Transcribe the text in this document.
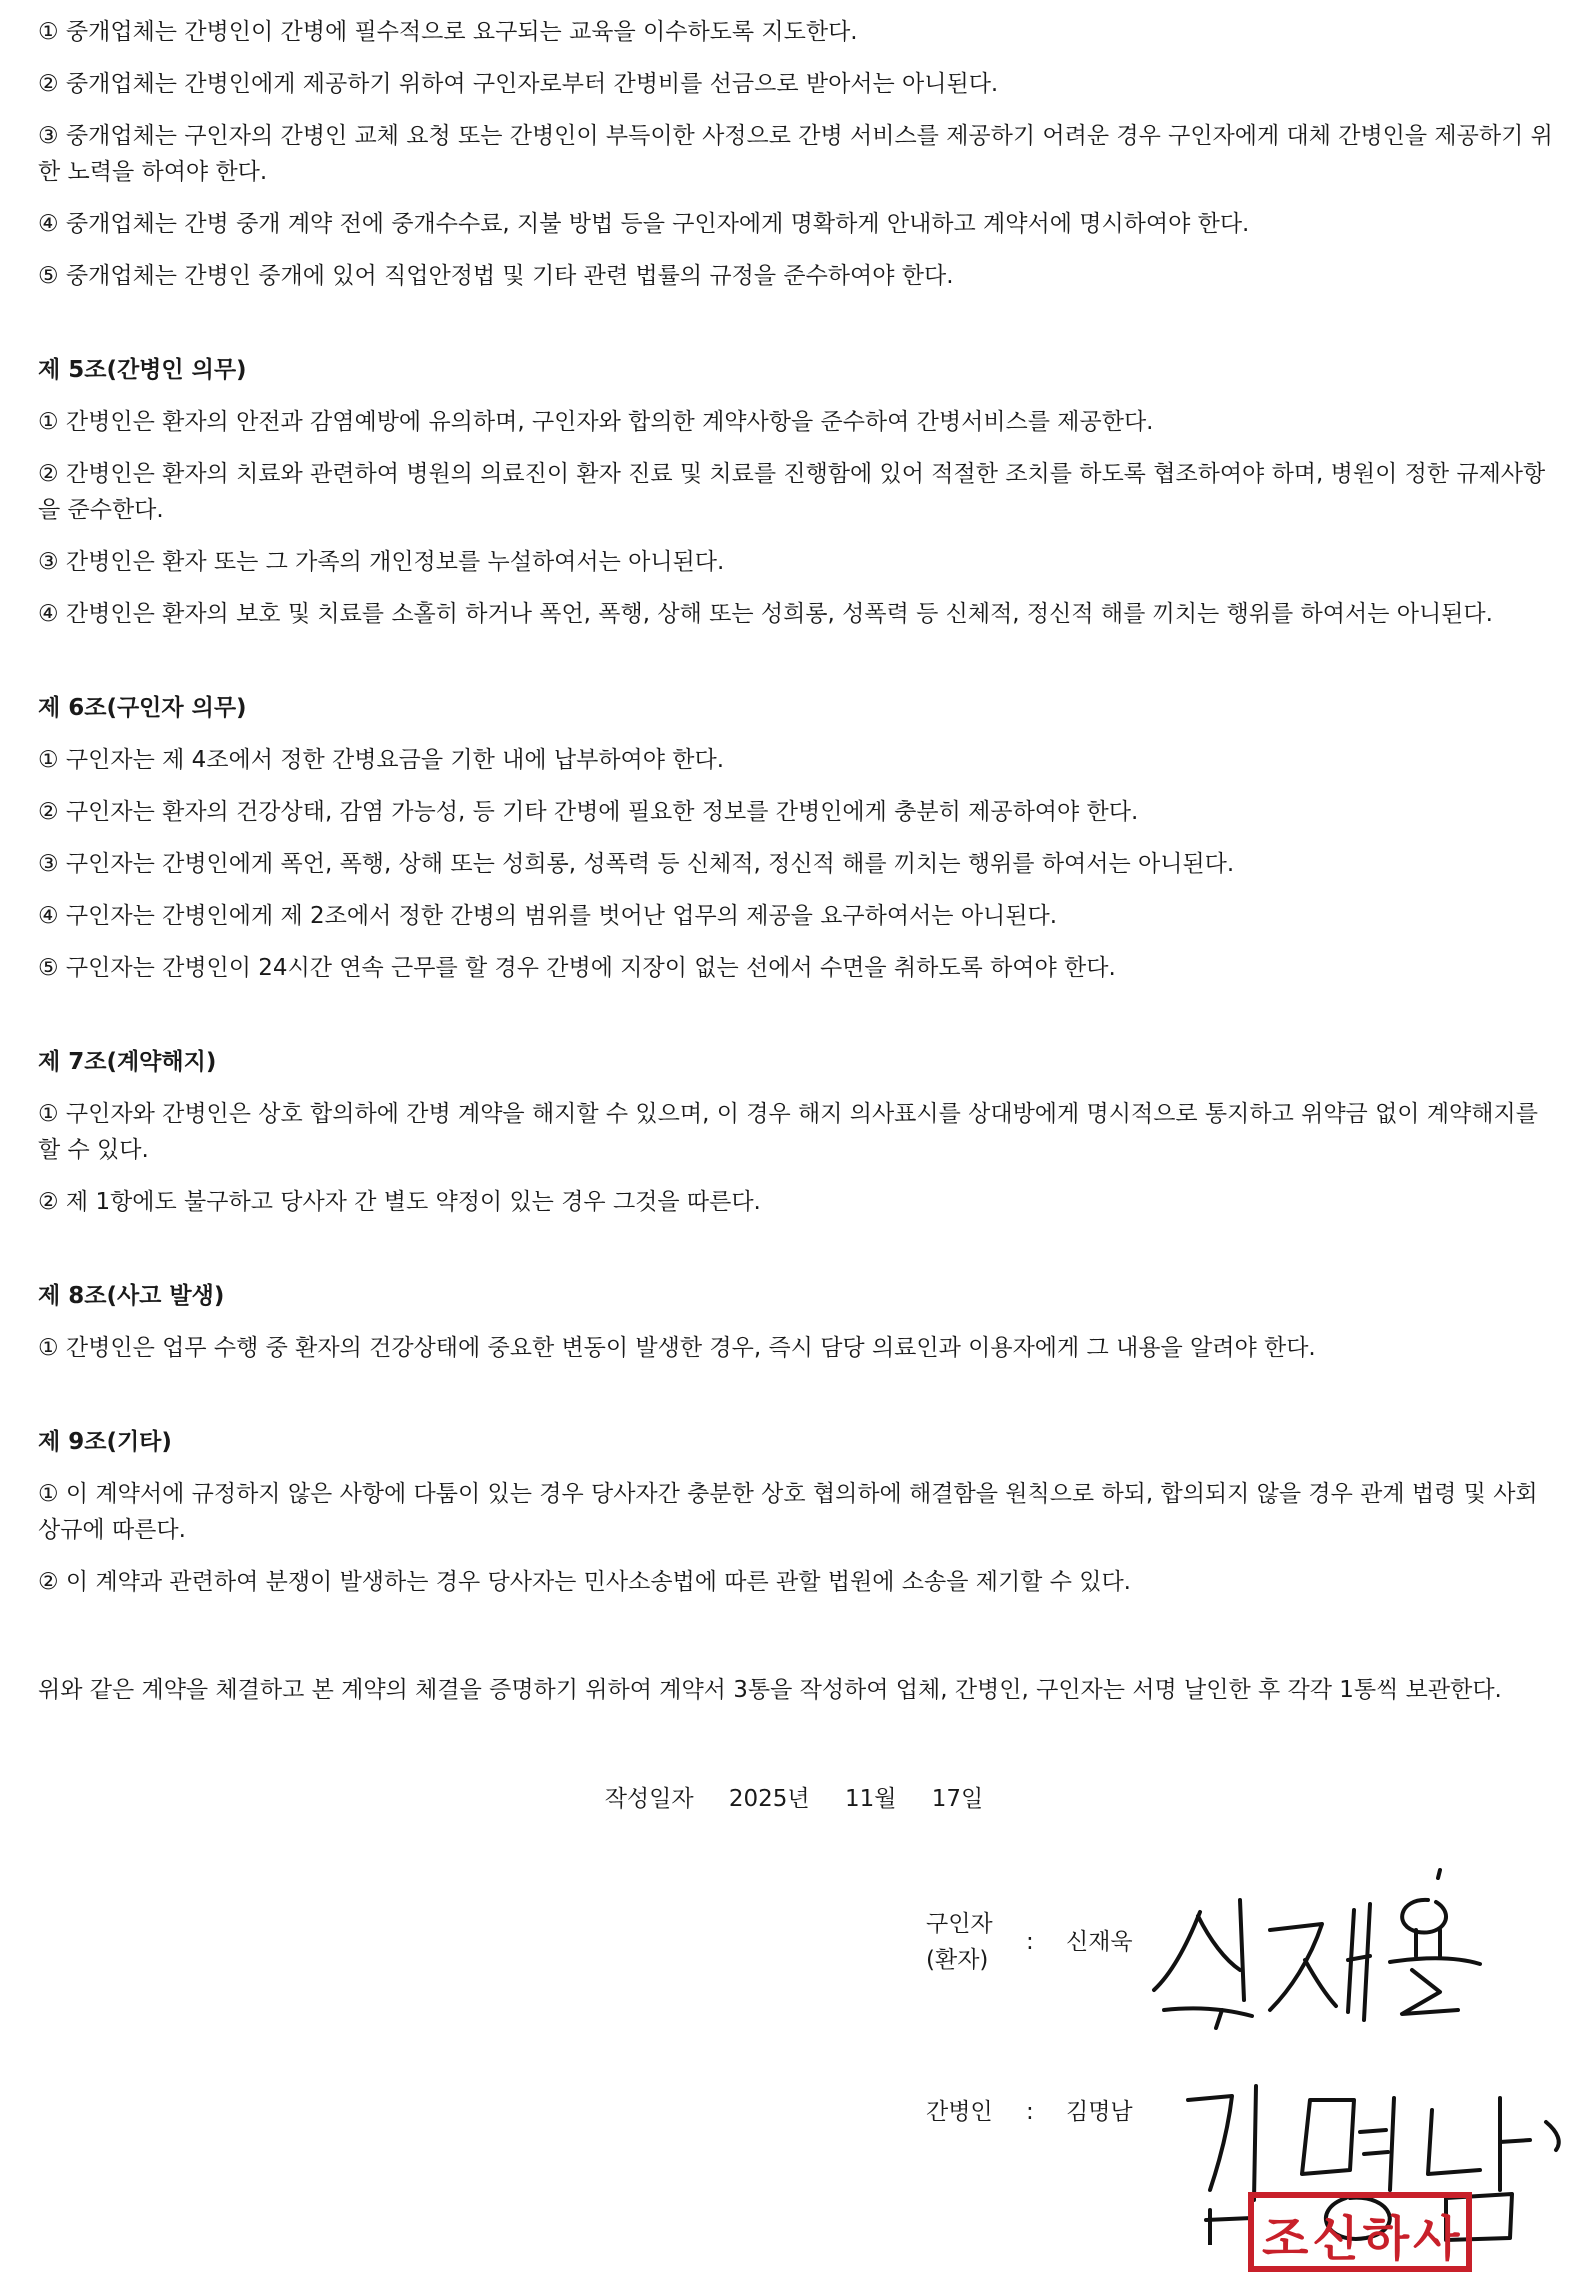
① 중개업체는 간병인이 간병에 필수적으로 요구되는 교육을 이수하도록 지도한다.

② 중개업체는 간병인에게 제공하기 위하여 구인자로부터 간병비를 선금으로 받아서는 아니된다.

③ 중개업체는 구인자의 간병인 교체 요청 또는 간병인이 부득이한 사정으로 간병 서비스를 제공하기 어려운 경우 구인자에게 대체 간병인을 제공하기 위한 노력을 하여야 한다.

④ 중개업체는 간병 중개 계약 전에 중개수수료, 지불 방법 등을 구인자에게 명확하게 안내하고 계약서에 명시하여야 한다.

⑤ 중개업체는 간병인 중개에 있어 직업안정법 및 기타 관련 법률의 규정을 준수하여야 한다.

제 5조(간병인 의무)

① 간병인은 환자의 안전과 감염예방에 유의하며, 구인자와 합의한 계약사항을 준수하여 간병서비스를 제공한다.

② 간병인은 환자의 치료와 관련하여 병원의 의료진이 환자 진료 및 치료를 진행함에 있어 적절한 조치를 하도록 협조하여야 하며, 병원이 정한 규제사항을 준수한다.

③ 간병인은 환자 또는 그 가족의 개인정보를 누설하여서는 아니된다.

④ 간병인은 환자의 보호 및 치료를 소홀히 하거나 폭언, 폭행, 상해 또는 성희롱, 성폭력 등 신체적, 정신적 해를 끼치는 행위를 하여서는 아니된다.

제 6조(구인자 의무)

① 구인자는 제 4조에서 정한 간병요금을 기한 내에 납부하여야 한다.

② 구인자는 환자의 건강상태, 감염 가능성, 등 기타 간병에 필요한 정보를 간병인에게 충분히 제공하여야 한다.

③ 구인자는 간병인에게 폭언, 폭행, 상해 또는 성희롱, 성폭력 등 신체적, 정신적 해를 끼치는 행위를 하여서는 아니된다.

④ 구인자는 간병인에게 제 2조에서 정한 간병의 범위를 벗어난 업무의 제공을 요구하여서는 아니된다.

⑤ 구인자는 간병인이 24시간 연속 근무를 할 경우 간병에 지장이 없는 선에서 수면을 취하도록 하여야 한다.

제 7조(계약해지)

① 구인자와 간병인은 상호 합의하에 간병 계약을 해지할 수 있으며, 이 경우 해지 의사표시를 상대방에게 명시적으로 통지하고 위약금 없이 계약해지를 할 수 있다.

② 제 1항에도 불구하고 당사자 간 별도 약정이 있는 경우 그것을 따른다.

제 8조(사고 발생)

① 간병인은 업무 수행 중 환자의 건강상태에 중요한 변동이 발생한 경우, 즉시 담당 의료인과 이용자에게 그 내용을 알려야 한다.

제 9조(기타)

① 이 계약서에 규정하지 않은 사항에 다툼이 있는 경우 당사자간 충분한 상호 협의하에 해결함을 원칙으로 하되, 합의되지 않을 경우 관계 법령 및 사회상규에 따른다.

② 이 계약과 관련하여 분쟁이 발생하는 경우 당사자는 민사소송법에 따른 관할 법원에 소송을 제기할 수 있다.

위와 같은 계약을 체결하고 본 계약의 체결을 증명하기 위하여 계약서 3통을 작성하여 업체, 간병인, 구인자는 서명 날인한 후 각각 1통씩 보관한다.

작성일자 2025년 11월 17일
구인자
(환자)
: 신재욱
간병인	: 김명남
조신하사
